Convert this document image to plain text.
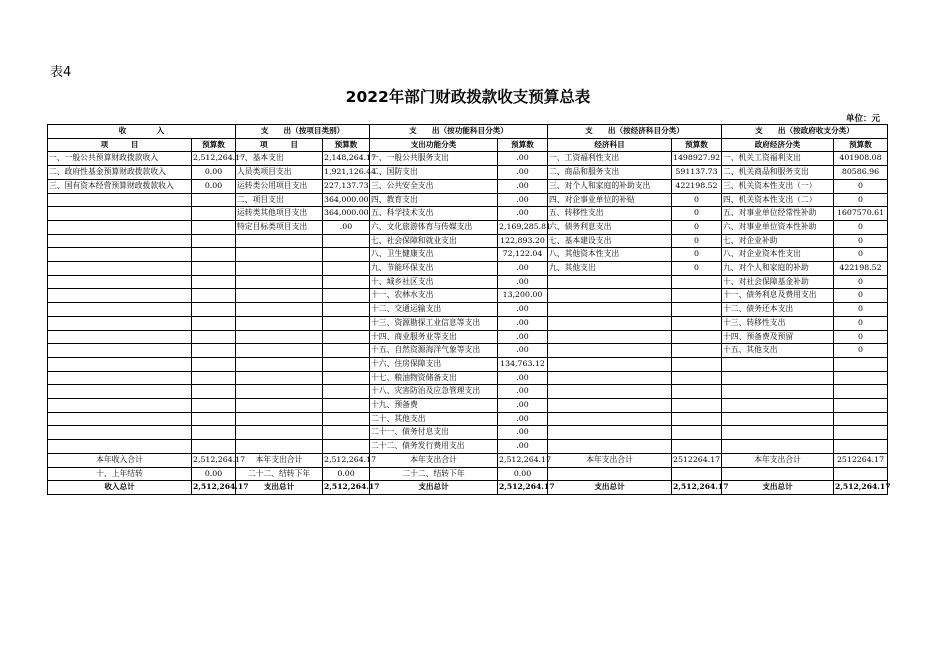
表4
2022年部门财政拨款收支预算总表
单位：元
收　　　　入		支　　出（按项目类别）		支　　出（按功能科目分类）		支　　出（按经济科目分类）		支　　出（按政府收支分类）	
项　　　目	预算数	项　　　目	预算数	支出功能分类	预算数	经济科目	预算数	政府经济分类	预算数
一、一般公共预算财政拨款收入	2,512,264.17	一、基本支出	2,148,264.17	一、一般公共服务支出	.00	一、工资福利性支出	1498927.92	一、机关工资福利支出	401908.08
二、政府性基金预算财政拨款收入	0.00	人员类项目支出	1,921,126.44	二、国防支出	.00	二、商品和服务支出	591137.73	二、机关商品和服务支出	80586.96
三、国有资本经营预算财政拨款收入	0.00	运转类公用项目支出	227,137.73	三、公共安全支出	.00	三、对个人和家庭的补助支出	422198.52	三、机关资本性支出（一）	0
		二、项目支出	364,000.00	四、教育支出	.00	四、对企事业单位的补贴	0	四、机关资本性支出（二）	0
		运转类其他项目支出	364,000.00	五、科学技术支出	.00	五、转移性支出	0	五、对事业单位经常性补助	1607570.61
		特定目标类项目支出	.00	六、文化旅游体育与传媒支出	2,169,285.81	六、债务利息支出	0	六、对事业单位资本性补助	0
				七、社会保障和就业支出	122,893.20	七、基本建设支出	0	七、对企业补助	0
				八、卫生健康支出	72,122.04	八、其他资本性支出	0	八、对企业资本性支出	0
				九、节能环保支出	.00	九、其他支出	0	九、对个人和家庭的补助	422198.52
				十、城乡社区支出	.00			十、对社会保障基金补助	0
				十一、农林水支出	13,200.00			十一、债务利息及费用支出	0
				十二、交通运输支出	.00			十二、债务还本支出	0
				十三、资源勘探工业信息等支出	.00			十三、转移性支出	0
				十四、商业服务业等支出	.00			十四、预备费及预留	0
				十五、自然资源海洋气象等支出	.00			十五、其他支出	0
				十六、住房保障支出	134,763.12				
				十七、粮油物资储备支出	.00				
				十八、灾害防治及应急管理支出	.00				
				十九、预备费	.00				
				二十、其他支出	.00				
				二十一、债务付息支出	.00				
				二十二、债务发行费用支出	.00				
本年收入合计	2,512,264.17	本年支出合计	2,512,264.17	本年支出合计	2,512,264.17	本年支出合计	2512264.17	本年支出合计	2512264.17
十、上年结转	0.00	二十二、结转下年	0.00	二十二、结转下年	0.00				
收入总计	2,512,264.17	支出总计	2,512,264.17	支出总计	2,512,264.17	支出总计	2,512,264.17	支出总计	2,512,264.17
